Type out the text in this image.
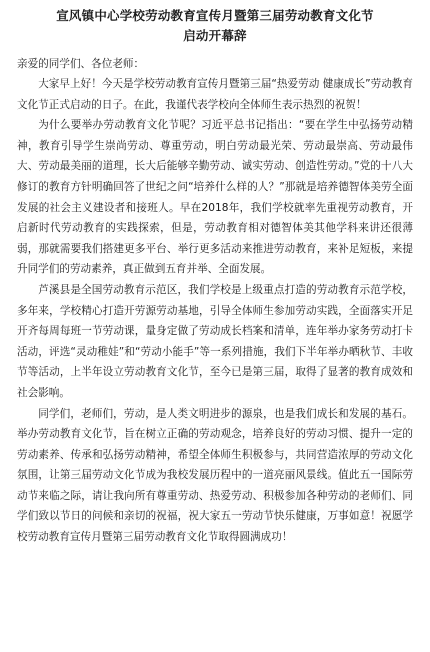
宣风镇中心学校劳动教育宣传月暨第三届劳动教育文化节
启动开幕辞

亲爱的同学们、各位老师：

大家早上好！今天是学校劳动教育宣传月暨第三届“热爱劳动 健康成长”劳动教育文化节正式启动的日子。在此，我谨代表学校向全体师生表示热烈的祝贺！

为什么要举办劳动教育文化节呢？习近平总书记指出：“要在学生中弘扬劳动精神，教育引导学生崇尚劳动、尊重劳动，明白劳动最光荣、劳动最崇高、劳动最伟大、劳动最美丽的道理，长大后能够辛勤劳动、诚实劳动、创造性劳动。”党的十八大修订的教育方针明确回答了世纪之问“培养什么样的人？”那就是培养德智体美劳全面发展的社会主义建设者和接班人。早在2018年，我们学校就率先重视劳动教育，开启新时代劳动教育的实践探索，但是，劳动教育相对德智体美其他学科来讲还很薄弱，那就需要我们搭建更多平台、举行更多活动来推进劳动教育，来补足短板，来提升同学们的劳动素养，真正做到五育并举、全面发展。

芦溪县是全国劳动教育示范区，我们学校是上级重点打造的劳动教育示范学校，多年来，学校精心打造开劳源劳动基地，引导全体师生参加劳动实践，全面落实开足开齐每周每班一节劳动课，量身定做了劳动成长档案和清单，连年举办家务劳动打卡活动，评选“灵动稚娃”和“劳动小能手”等一系列措施，我们下半年举办晒秋节、丰收节等活动，上半年设立劳动教育文化节，至今已是第三届，取得了显著的教育成效和社会影响。

同学们，老师们，劳动，是人类文明进步的源泉，也是我们成长和发展的基石。举办劳动教育文化节，旨在树立正确的劳动观念，培养良好的劳动习惯、提升一定的劳动素养、传承和弘扬劳动精神，希望全体师生积极参与，共同营造浓厚的劳动文化氛围，让第三届劳动文化节成为我校发展历程中的一道亮丽风景线。值此五一国际劳动节来临之际，请让我向所有尊重劳动、热爱劳动、积极参加各种劳动的老师们、同学们致以节日的问候和亲切的祝福，祝大家五一劳动节快乐健康，万事如意！祝愿学校劳动教育宣传月暨第三届劳动教育文化节取得圆满成功！
